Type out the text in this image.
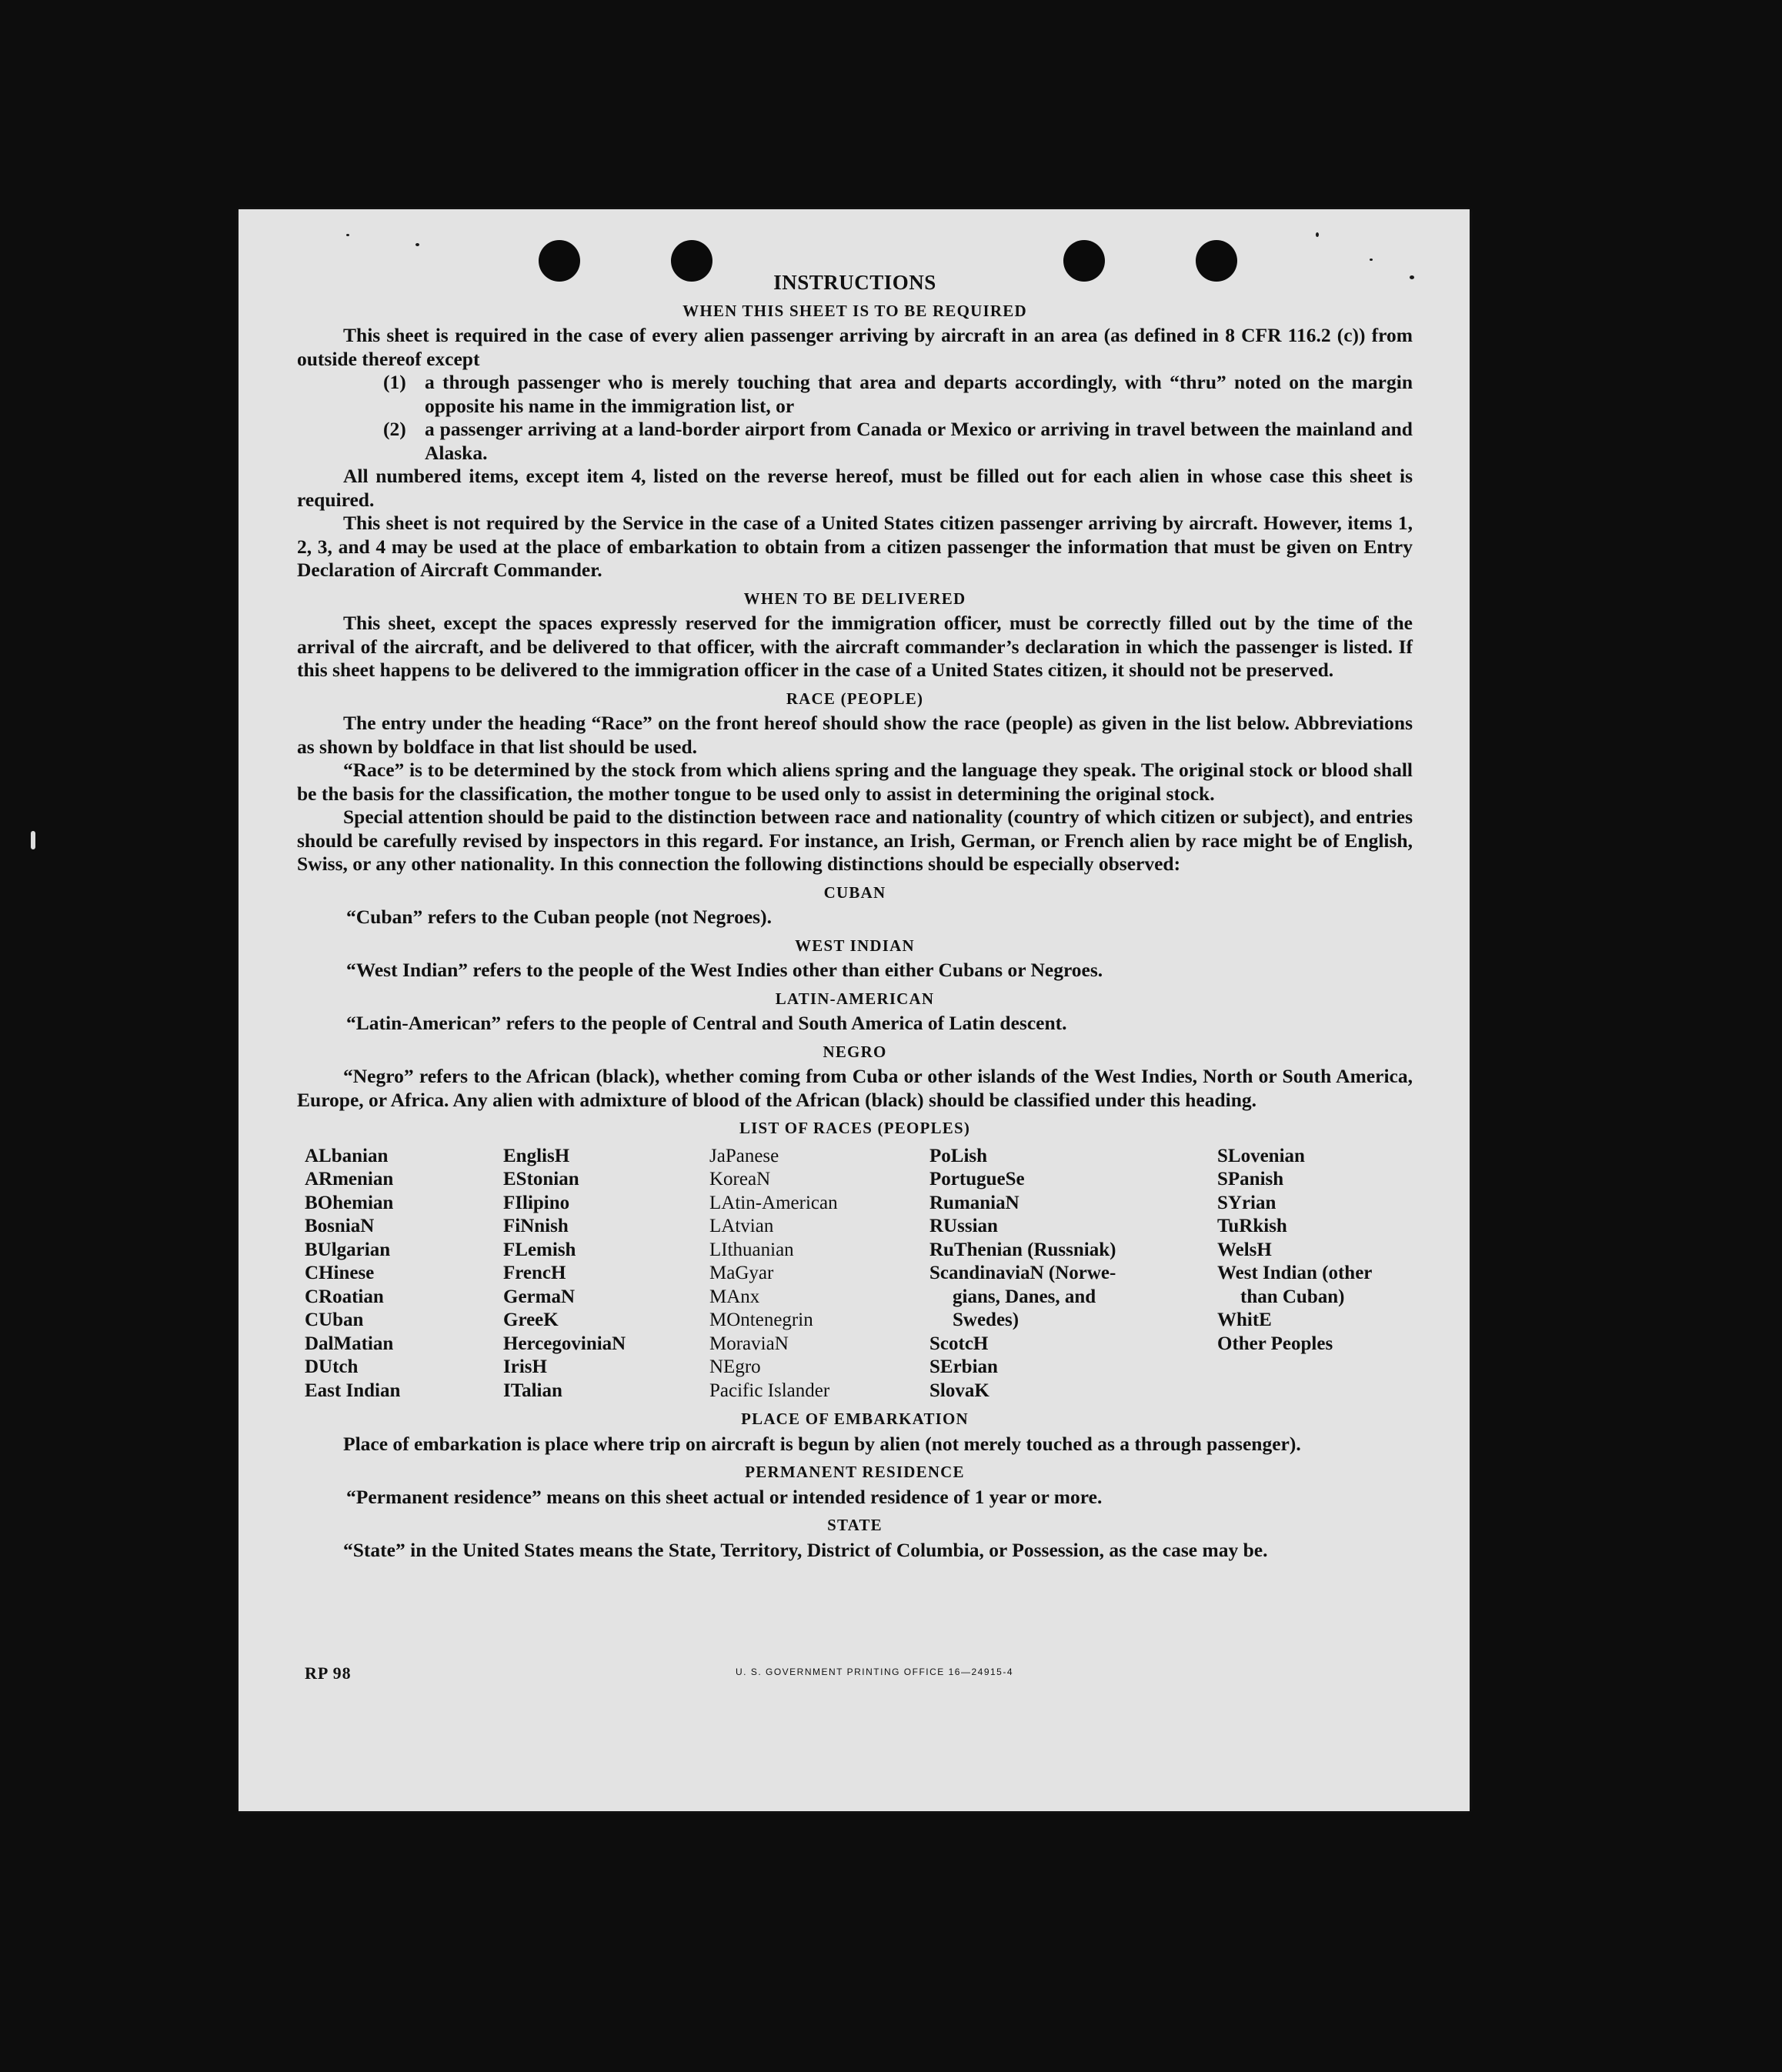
INSTRUCTIONS
WHEN THIS SHEET IS TO BE REQUIRED

This sheet is required in the case of every alien passenger arriving by aircraft in an area (as defined in 8 CFR 116.2 (c)) from outside thereof except

(1) a through passenger who is merely touching that area and departs accordingly, with “thru” noted on the margin opposite his name in the immigration list, or
(2) a passenger arriving at a land-border airport from Canada or Mexico or arriving in travel between the mainland and Alaska.

All numbered items, except item 4, listed on the reverse hereof, must be filled out for each alien in whose case this sheet is required.

This sheet is not required by the Service in the case of a United States citizen passenger arriving by aircraft. However, items 1, 2, 3, and 4 may be used at the place of embarkation to obtain from a citizen passenger the information that must be given on Entry Declaration of Aircraft Commander.

WHEN TO BE DELIVERED

This sheet, except the spaces expressly reserved for the immigration officer, must be correctly filled out by the time of the arrival of the aircraft, and be delivered to that officer, with the aircraft commander’s declaration in which the passenger is listed. If this sheet happens to be delivered to the immigration officer in the case of a United States citizen, it should not be preserved.

RACE (PEOPLE)

The entry under the heading “Race” on the front hereof should show the race (people) as given in the list below. Abbreviations as shown by boldface in that list should be used.

“Race” is to be determined by the stock from which aliens spring and the language they speak. The original stock or blood shall be the basis for the classification, the mother tongue to be used only to assist in determining the original stock.

Special attention should be paid to the distinction between race and nationality (country of which citizen or subject), and entries should be carefully revised by inspectors in this regard. For instance, an Irish, German, or French alien by race might be of English, Swiss, or any other nationality. In this connection the following distinctions should be especially observed:

CUBAN

“Cuban” refers to the Cuban people (not Negroes).

WEST INDIAN

“West Indian” refers to the people of the West Indies other than either Cubans or Negroes.

LATIN-AMERICAN

“Latin-American” refers to the people of Central and South America of Latin descent.

NEGRO

“Negro” refers to the African (black), whether coming from Cuba or other islands of the West Indies, North or South America, Europe, or Africa. Any alien with admixture of blood of the African (black) should be classified under this heading.

LIST OF RACES (PEOPLES)
ALbanian
ARmenian
BOhemian
BosniaN
BUlgarian
CHinese
CRoatian
CUban
DalMatian
DUtch
East Indian
EnglisH
EStonian
FIlipino
FiNnish
FLemish
FrencH
GermaN
GreeK
HercegoviniaN
IrisH
ITalian
JaPanese
KoreaN
LAtin-American
LAtvian
LIthuanian
MaGyar
MAnx
MOntenegrin
MoraviaN
NEgro
Pacific Islander
PoLish
PortugueSe
RumaniaN
RUssian
RuThenian (Russniak)
ScandinaviaN (Norwe-
gians, Danes, and
Swedes)
ScotcH
SErbian
SlovaK
SLovenian
SPanish
SYrian
TuRkish
WelsH
West Indian (other
than Cuban)
WhitE
Other Peoples
PLACE OF EMBARKATION

Place of embarkation is place where trip on aircraft is begun by alien (not merely touched as a through passenger).

PERMANENT RESIDENCE

“Permanent residence” means on this sheet actual or intended residence of 1 year or more.

STATE

“State” in the United States means the State, Territory, District of Columbia, or Possession, as the case may be.

RP 98	U. S. GOVERNMENT PRINTING OFFICE 16—24915-4
